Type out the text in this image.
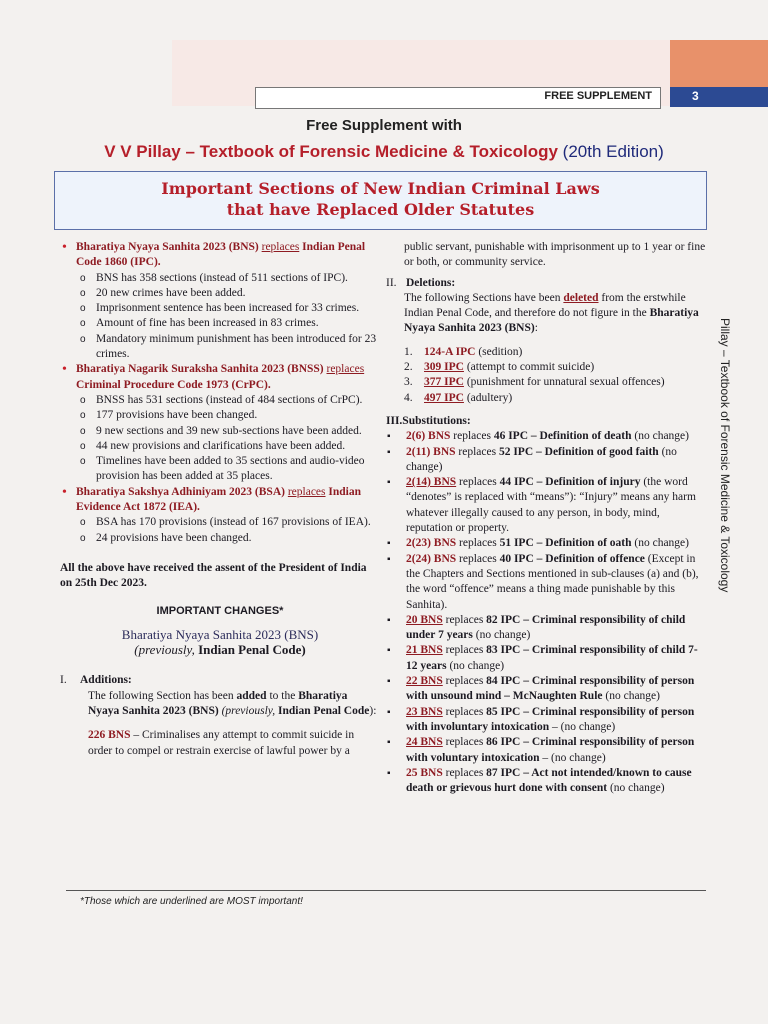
FREE SUPPLEMENT	3
Free Supplement with
V V Pillay – Textbook of Forensic Medicine & Toxicology (20th Edition)
Important Sections of New Indian Criminal Laws
that have Replaced Older Statutes

• Bharatiya Nyaya Sanhita 2023 (BNS) replaces Indian Penal Code 1860 (IPC).

o BNS has 358 sections (instead of 511 sections of IPC).

o 20 new crimes have been added.

o Imprisonment sentence has been increased for 33 crimes.

o Amount of fine has been increased in 83 crimes.

o Mandatory minimum punishment has been introduced for 23 crimes.

• Bharatiya Nagarik Suraksha Sanhita 2023 (BNSS) replaces Criminal Procedure Code 1973 (CrPC).

o BNSS has 531 sections (instead of 484 sections of CrPC).

o 177 provisions have been changed.

o 9 new sections and 39 new sub-sections have been added.

o 44 new provisions and clarifications have been added.

o Timelines have been added to 35 sections and audio-video provision has been added at 35 places.

• Bharatiya Sakshya Adhiniyam 2023 (BSA) replaces Indian Evidence Act 1872 (IEA).

o BSA has 170 provisions (instead of 167 provisions of IEA).

o 24 provisions have been changed.

All the above have received the assent of the President of India on 25th Dec 2023.

IMPORTANT CHANGES*

Bharatiya Nyaya Sanhita 2023 (BNS)

(previously, Indian Penal Code)

I. Additions:

The following Section has been added to the Bharatiya Nyaya Sanhita 2023 (BNS) (previously, Indian Penal Code):

226 BNS – Criminalises any attempt to commit suicide in order to compel or restrain exercise of lawful power by a

public servant, punishable with imprisonment up to 1 year or fine or both, or community service.

II. Deletions:

The following Sections have been deleted from the erstwhile Indian Penal Code, and therefore do not figure in the Bharatiya Nyaya Sanhita 2023 (BNS):

1. 124-A IPC (sedition)

2. 309 IPC (attempt to commit suicide)

3. 377 IPC (punishment for unnatural sexual offences)

4. 497 IPC (adultery)

III.Substitutions:

▪ 2(6) BNS replaces 46 IPC – Definition of death (no change)

▪ 2(11) BNS replaces 52 IPC – Definition of good faith (no change)

▪ 2(14) BNS replaces 44 IPC – Definition of injury (the word “denotes” is replaced with “means”): “Injury” means any harm whatever illegally caused to any person, in body, mind, reputation or property.

▪ 2(23) BNS replaces 51 IPC – Definition of oath (no change)

▪ 2(24) BNS replaces 40 IPC – Definition of offence (Except in the Chapters and Sections mentioned in sub-clauses (a) and (b), the word “offence” means a thing made punishable by this Sanhita).

▪ 20 BNS replaces 82 IPC – Criminal responsibility of child under 7 years (no change)

▪ 21 BNS replaces 83 IPC – Criminal responsibility of child 7-12 years (no change)

▪ 22 BNS replaces 84 IPC – Criminal responsibility of person with unsound mind – McNaughten Rule (no change)

▪ 23 BNS replaces 85 IPC – Criminal responsibility of person with involuntary intoxication – (no change)

▪ 24 BNS replaces 86 IPC – Criminal responsibility of person with voluntary intoxication – (no change)

▪ 25 BNS replaces 87 IPC – Act not intended/known to cause death or grievous hurt done with consent (no change)

Pillay – Textbook of Forensic Medicine & Toxicology
*Those which are underlined are MOST important!
